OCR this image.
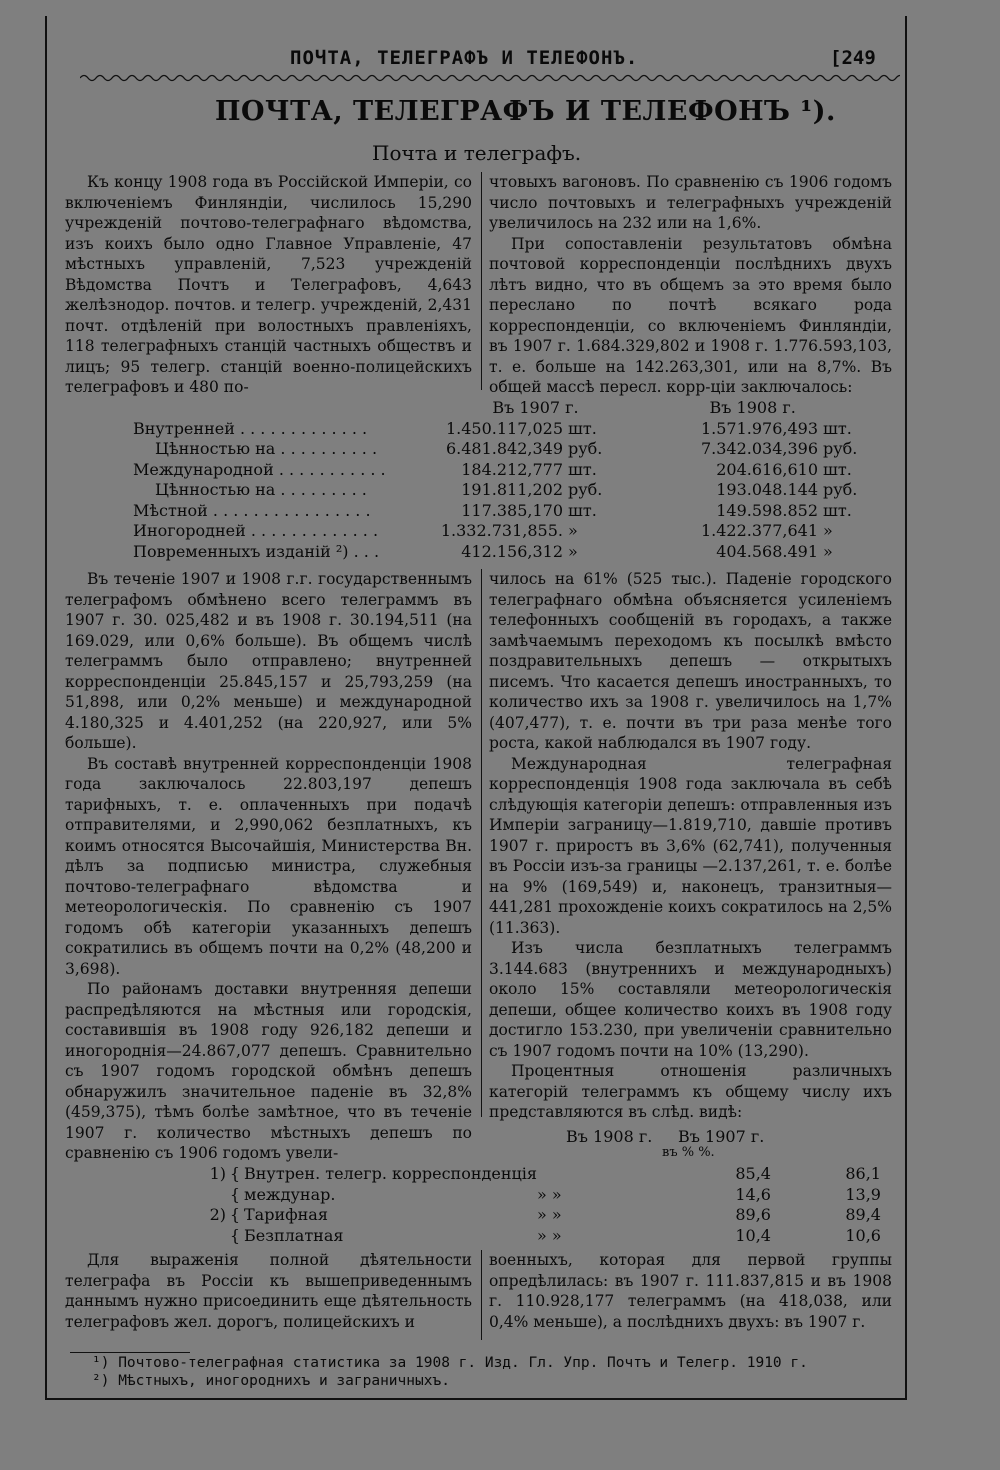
ПОЧТА, ТЕЛЕГРАФЪ И ТЕЛЕФОНЪ.	[249
ПОЧТА, ТЕЛЕГРАФЪ И ТЕЛЕФОНЪ ¹).
Почта и телеграфъ.

Къ концу 1908 года въ Россійской Имперіи, со включеніемъ Финляндіи, числилось 15,290 учрежденій почтово-телеграфнаго вѣдомства, изъ коихъ было одно Главное Управленіе, 47 мѣстныхъ управленій, 7,523 учрежденій Вѣдомства Почтъ и Телеграфовъ, 4,643 желѣзнодор. почтов. и телегр. учрежденій, 2,431 почт. отдѣленій при волостныхъ правленіяхъ, 118 телеграфныхъ станцій частныхъ обществъ и лицъ; 95 телегр. станцій военно-полицейскихъ телеграфовъ и 480 по-

чтовыхъ вагоновъ. По сравненію съ 1906 годомъ число почтовыхъ и телеграфныхъ учрежденій увеличилось на 232 или на 1,6%.

При сопоставленіи результатовъ обмѣна почтовой корреспонденціи послѣднихъ двухъ лѣтъ видно, что въ общемъ за это время было переслано по почтѣ всякаго рода корреспонденціи, со включеніемъ Финляндіи, въ 1907 г. 1.684.329,802 и 1908 г. 1.776.593,103, т. е. больше на 142.263,301, или на 8,7%. Въ общей массѣ пересл. корр-ціи заключалось:

	Въ 1907 г.		Въ 1908 г.	
Внутренней . . . . . . . . . . . . .	1.450.117,025	шт.	1.571.976,493	шт.
Цѣнностью на . . . . . . . . . .	6.481.842,349	руб.	7.342.034,396	руб.
Международной . . . . . . . . . . .	184.212,777	шт.	204.616,610	шт.
Цѣнностью на . . . . . . . . .	191.811,202	руб.	193.048.144	руб.
Мѣстной . . . . . . . . . . . . . . . .	117.385,170	шт.	149.598.852	шт.
Иногородней . . . . . . . . . . . . .	1.332.731,855.	»	1.422.377,641	»
Повременныхъ изданій ²) . . .	412.156,312	»	404.568.491	»

Въ теченіе 1907 и 1908 г.г. государственнымъ телеграфомъ обмѣнено всего телеграммъ въ 1907 г. 30. 025,482 и въ 1908 г. 30.194,511 (на 169.029, или 0,6% больше). Въ общемъ числѣ телеграммъ было отправлено; внутренней корреспонденціи 25.845,157 и 25,793,259 (на 51,898, или 0,2% меньше) и международной 4.180,325 и 4.401,252 (на 220,927, или 5% больше).

Въ составѣ внутренней корреспонденціи 1908 года заключалось 22.803,197 депешъ тарифныхъ, т. е. оплаченныхъ при подачѣ отправителями, и 2,990,062 безплатныхъ, къ коимъ относятся Высочайшія, Министерства Вн. дѣлъ за подписью министра, служебныя почтово-телеграфнаго вѣдомства и метеорологическія. По сравненію съ 1907 годомъ обѣ категоріи указанныхъ депешъ сократились въ общемъ почти на 0,2% (48,200 и 3,698).

По районамъ доставки внутренняя депеши распредѣляются на мѣстныя или городскія, составившія въ 1908 году 926,182 депеши и иногороднія—24.867,077 депешъ. Сравнительно съ 1907 годомъ городской обмѣнъ депешъ обнаружилъ значительное паденіе въ 32,8% (459,375), тѣмъ болѣе замѣтное, что въ теченіе 1907 г. количество мѣстныхъ депешъ по сравненію съ 1906 годомъ увели-

чилось на 61% (525 тыс.). Паденіе городского телеграфнаго обмѣна объясняется усиленіемъ телефонныхъ сообщеній въ городахъ, а также замѣчаемымъ переходомъ къ посылкѣ вмѣсто поздравительныхъ депешъ — открытыхъ писемъ. Что касается депешъ иностранныхъ, то количество ихъ за 1908 г. увеличилось на 1,7% (407,477), т. е. почти въ три раза менѣе того роста, какой наблюдался въ 1907 году.

Международная телеграфная корреспонденція 1908 года заключала въ себѣ слѣдующія категоріи депешъ: отправленныя изъ Имперіи заграницу—1.819,710, давшіе противъ 1907 г. приростъ въ 3,6% (62,741), полученныя въ Россіи изъ-за границы —2.137,261, т. е. болѣе на 9% (169,549) и, наконецъ, транзитныя—441,281 прохожденіе коихъ сократилось на 2,5% (11.363).

Изъ числа безплатныхъ телеграммъ 3.144.683 (внутреннихъ и международныхъ) около 15% составляли метеорологическія депеши, общее количество коихъ въ 1908 году достигло 153.230, при увеличеніи сравнительно съ 1907 годомъ почти на 10% (13,290).

Процентныя отношенія различныхъ категорій телеграммъ къ общему числу ихъ представляются въ слѣд. видѣ:

Въ 1908 г. Въ 1907 г.
въ % %.
1)	{	Внутрен. телегр. корреспонденція		85,4	86,1
	{	междунар.	» »	14,6	13,9
2)	{	Тарифная	» »	89,6	89,4
	{	Безплатная	» »	10,4	10,6

Для выраженія полной дѣятельности телеграфа въ Россіи къ вышеприведеннымъ даннымъ нужно присоединить еще дѣятельность телеграфовъ жел. дорогъ, полицейскихъ и

военныхъ, которая для первой группы опредѣлилась: въ 1907 г. 111.837,815 и въ 1908 г. 110.928,177 телеграммъ (на 418,038, или 0,4% меньше), а послѣднихъ двухъ: въ 1907 г.

¹) Почтово-телеграфная статистика за 1908 г. Изд. Гл. Упр. Почтъ и Телегр. 1910 г.
²) Мѣстныхъ, иногороднихъ и заграничныхъ.
